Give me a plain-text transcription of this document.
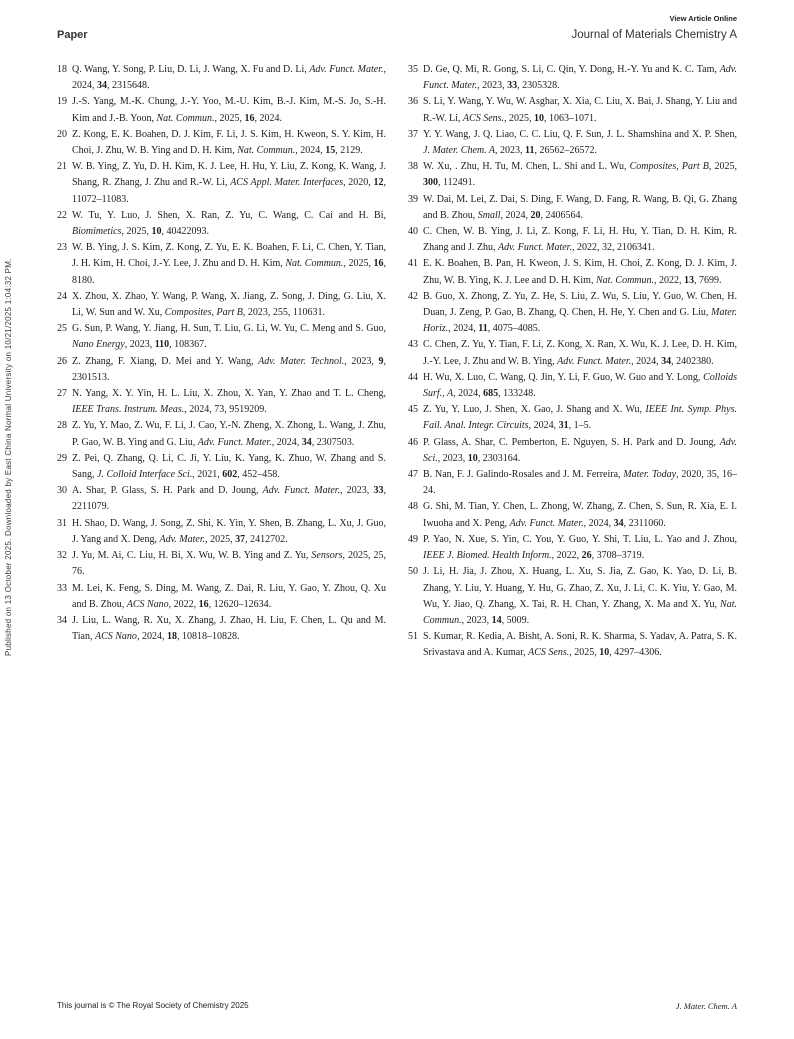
Published on 13 October 2025. Downloaded by East China Normal University on 10/21/2025 1:04:32 PM.
View Article Online
Paper	Journal of Materials Chemistry A
18 Q. Wang, Y. Song, P. Liu, D. Li, J. Wang, X. Fu and D. Li, Adv. Funct. Mater., 2024, 34, 2315648.
19 J.-S. Yang, M.-K. Chung, J.-Y. Yoo, M.-U. Kim, B.-J. Kim, M.-S. Jo, S.-H. Kim and J.-B. Yoon, Nat. Commun., 2025, 16, 2024.
20 Z. Kong, E. K. Boahen, D. J. Kim, F. Li, J. S. Kim, H. Kweon, S. Y. Kim, H. Choi, J. Zhu, W. B. Ying and D. H. Kim, Nat. Commun., 2024, 15, 2129.
21 W. B. Ying, Z. Yu, D. H. Kim, K. J. Lee, H. Hu, Y. Liu, Z. Kong, K. Wang, J. Shang, R. Zhang, J. Zhu and R.-W. Li, ACS Appl. Mater. Interfaces, 2020, 12, 11072–11083.
22 W. Tu, Y. Luo, J. Shen, X. Ran, Z. Yu, C. Wang, C. Cai and H. Bi, Biomimetics, 2025, 10, 40422093.
23 W. B. Ying, J. S. Kim, Z. Kong, Z. Yu, E. K. Boahen, F. Li, C. Chen, Y. Tian, J. H. Kim, H. Choi, J.-Y. Lee, J. Zhu and D. H. Kim, Nat. Commun., 2025, 16, 8180.
24 X. Zhou, X. Zhao, Y. Wang, P. Wang, X. Jiang, Z. Song, J. Ding, G. Liu, X. Li, W. Sun and W. Xu, Composites, Part B, 2023, 255, 110631.
25 G. Sun, P. Wang, Y. Jiang, H. Sun, T. Liu, G. Li, W. Yu, C. Meng and S. Guo, Nano Energy, 2023, 110, 108367.
26 Z. Zhang, F. Xiang, D. Mei and Y. Wang, Adv. Mater. Technol., 2023, 9, 2301513.
27 N. Yang, X. Y. Yin, H. L. Liu, X. Zhou, X. Yan, Y. Zhao and T. L. Cheng, IEEE Trans. Instrum. Meas., 2024, 73, 9519209.
28 Z. Yu, Y. Mao, Z. Wu, F. Li, J. Cao, Y.-N. Zheng, X. Zhong, L. Wang, J. Zhu, P. Gao, W. B. Ying and G. Liu, Adv. Funct. Mater., 2024, 34, 2307503.
29 Z. Pei, Q. Zhang, Q. Li, C. Ji, Y. Liu, K. Yang, K. Zhuo, W. Zhang and S. Sang, J. Colloid Interface Sci., 2021, 602, 452–458.
30 A. Shar, P. Glass, S. H. Park and D. Joung, Adv. Funct. Mater., 2023, 33, 2211079.
31 H. Shao, D. Wang, J. Song, Z. Shi, K. Yin, Y. Shen, B. Zhang, L. Xu, J. Guo, J. Yang and X. Deng, Adv. Mater., 2025, 37, 2412702.
32 J. Yu, M. Ai, C. Liu, H. Bi, X. Wu, W. B. Ying and Z. Yu, Sensors, 2025, 25, 76.
33 M. Lei, K. Feng, S. Ding, M. Wang, Z. Dai, R. Liu, Y. Gao, Y. Zhou, Q. Xu and B. Zhou, ACS Nano, 2022, 16, 12620–12634.
34 J. Liu, L. Wang, R. Xu, X. Zhang, J. Zhao, H. Liu, F. Chen, L. Qu and M. Tian, ACS Nano, 2024, 18, 10818–10828.
35 D. Ge, Q. Mi, R. Gong, S. Li, C. Qin, Y. Dong, H.-Y. Yu and K. C. Tam, Adv. Funct. Mater., 2023, 33, 2305328.
36 S. Li, Y. Wang, Y. Wu, W. Asghar, X. Xia, C. Liu, X. Bai, J. Shang, Y. Liu and R.-W. Li, ACS Sens., 2025, 10, 1063–1071.
37 Y. Y. Wang, J. Q. Liao, C. C. Liu, Q. F. Sun, J. L. Shamshina and X. P. Shen, J. Mater. Chem. A, 2023, 11, 26562–26572.
38 W. Xu, . Zhu, H. Tu, M. Chen, L. Shi and L. Wu, Composites, Part B, 2025, 300, 112491.
39 W. Dai, M. Lei, Z. Dai, S. Ding, F. Wang, D. Fang, R. Wang, B. Qi, G. Zhang and B. Zhou, Small, 2024, 20, 2406564.
40 C. Chen, W. B. Ying, J. Li, Z. Kong, F. Li, H. Hu, Y. Tian, D. H. Kim, R. Zhang and J. Zhu, Adv. Funct. Mater., 2022, 32, 2106341.
41 E. K. Boahen, B. Pan, H. Kweon, J. S. Kim, H. Choi, Z. Kong, D. J. Kim, J. Zhu, W. B. Ying, K. J. Lee and D. H. Kim, Nat. Commun., 2022, 13, 7699.
42 B. Guo, X. Zhong, Z. Yu, Z. He, S. Liu, Z. Wu, S. Liu, Y. Guo, W. Chen, H. Duan, J. Zeng, P. Gao, B. Zhang, Q. Chen, H. He, Y. Chen and G. Liu, Mater. Horiz., 2024, 11, 4075–4085.
43 C. Chen, Z. Yu, Y. Tian, F. Li, Z. Kong, X. Ran, X. Wu, K. J. Lee, D. H. Kim, J.-Y. Lee, J. Zhu and W. B. Ying, Adv. Funct. Mater., 2024, 34, 2402380.
44 H. Wu, X. Luo, C. Wang, Q. Jin, Y. Li, F. Guo, W. Guo and Y. Long, Colloids Surf., A, 2024, 685, 133248.
45 Z. Yu, Y. Luo, J. Shen, X. Gao, J. Shang and X. Wu, IEEE Int. Symp. Phys. Fail. Anal. Integr. Circuits, 2024, 31, 1–5.
46 P. Glass, A. Shar, C. Pemberton, E. Nguyen, S. H. Park and D. Joung, Adv. Sci., 2023, 10, 2303164.
47 B. Nan, F. J. Galindo-Rosales and J. M. Ferreira, Mater. Today, 2020, 35, 16–24.
48 G. Shi, M. Tian, Y. Chen, L. Zhong, W. Zhang, Z. Chen, S. Sun, R. Xia, E. I. Iwuoha and X. Peng, Adv. Funct. Mater., 2024, 34, 2311060.
49 P. Yao, N. Xue, S. Yin, C. You, Y. Guo, Y. Shi, T. Liu, L. Yao and J. Zhou, IEEE J. Biomed. Health Inform., 2022, 26, 3708–3719.
50 J. Li, H. Jia, J. Zhou, X. Huang, L. Xu, S. Jia, Z. Gao, K. Yao, D. Li, B. Zhang, Y. Liu, Y. Huang, Y. Hu, G. Zhao, Z. Xu, J. Li, C. K. Yiu, Y. Gao, M. Wu, Y. Jiao, Q. Zhang, X. Tai, R. H. Chan, Y. Zhang, X. Ma and X. Yu, Nat. Commun., 2023, 14, 5009.
51 S. Kumar, R. Kedia, A. Bisht, A. Soni, R. K. Sharma, S. Yadav, A. Patra, S. K. Srivastava and A. Kumar, ACS Sens., 2025, 10, 4297–4306.
This journal is © The Royal Society of Chemistry 2025	J. Mater. Chem. A
